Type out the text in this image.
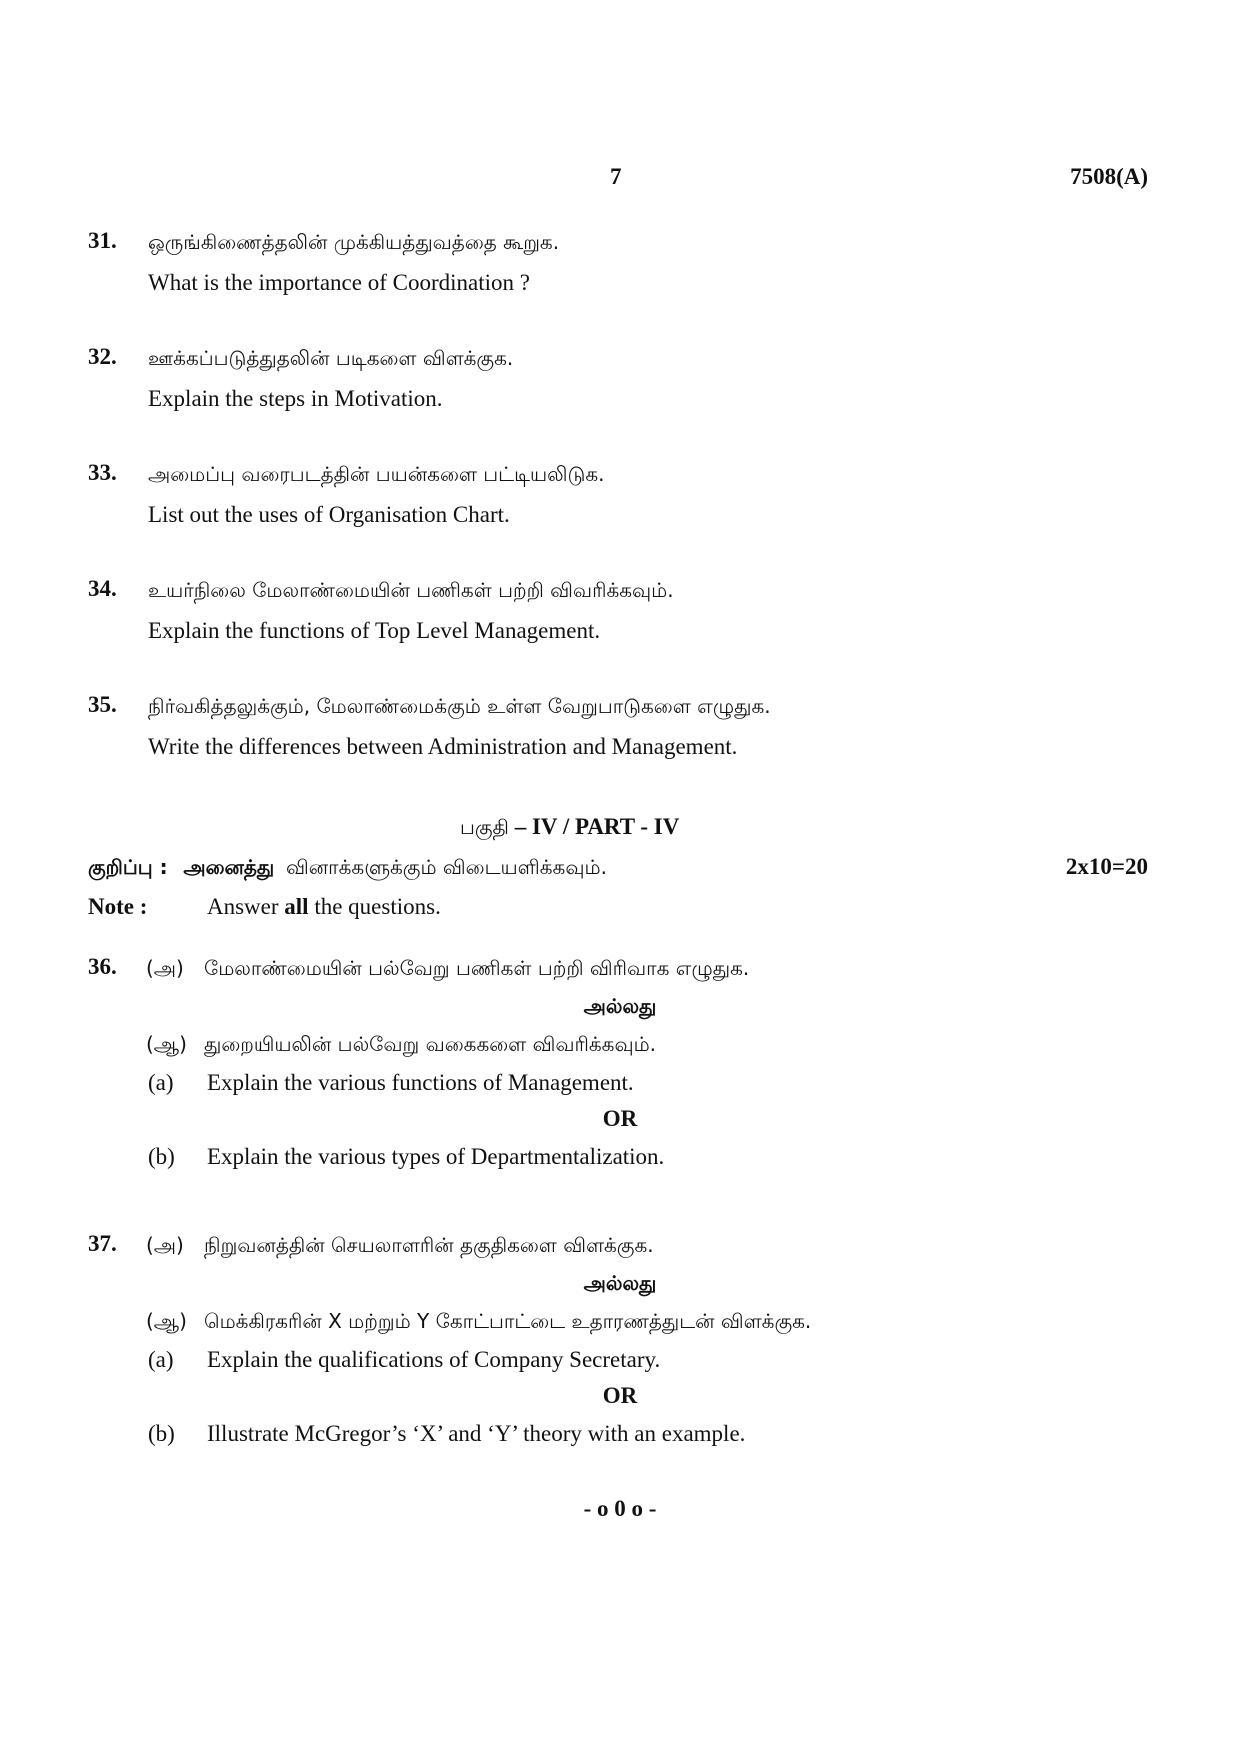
7	7508(A)
31. ஒருங்கிணைத்தலின் முக்கியத்துவத்தை கூறுக.
What is the importance of Coordination ?
32. ஊக்கப்படுத்துதலின் படிகளை விளக்குக.
Explain the steps in Motivation.
33. அமைப்பு வரைபடத்தின் பயன்களை பட்டியலிடுக.
List out the uses of Organisation Chart.
34. உயர்நிலை மேலாண்மையின் பணிகள் பற்றி விவரிக்கவும்.
Explain the functions of Top Level Management.
35. நிர்வகித்தலுக்கும், மேலாண்மைக்கும் உள்ள வேறுபாடுகளை எழுதுக.
Write the differences between Administration and Management.
பகுதி – IV / PART - IV
குறிப்பு : அனைத்து வினாக்களுக்கும் விடையளிக்கவும்.	2x10=20
Note :	Answer all the questions.
36. (அ) மேலாண்மையின் பல்வேறு பணிகள் பற்றி விரிவாக எழுதுக.
அல்லது
(ஆ) துறையியலின் பல்வேறு வகைகளை விவரிக்கவும்.
(a) Explain the various functions of Management.
OR
(b) Explain the various types of Departmentalization.
37. (அ) நிறுவனத்தின் செயலாளரின் தகுதிகளை விளக்குக.
அல்லது
(ஆ) மெக்கிரகரின் X மற்றும் Y கோட்பாட்டை உதாரணத்துடன் விளக்குக.
(a) Explain the qualifications of Company Secretary.
OR
(b) Illustrate McGregor’s ‘X’ and ‘Y’ theory with an example.
- o 0 o -
